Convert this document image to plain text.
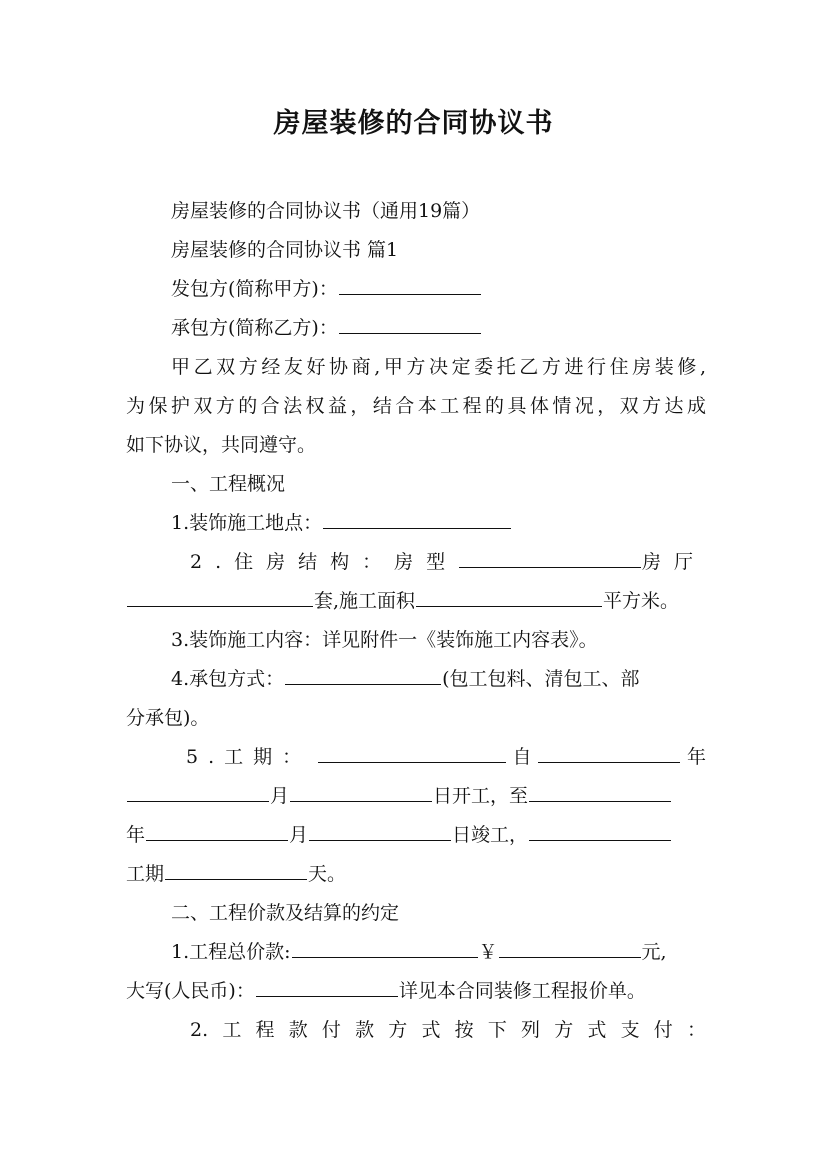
房屋装修的合同协议书
房屋装修的合同协议书（通用19篇）
房屋装修的合同协议书 篇1
发包方(简称甲方)：
承包方(简称乙方)：
甲乙双方经友好协商,甲方决定委托乙方进行住房装修,
为保护双方的合法权益，结合本工程的具体情况，双方达成
如下协议，共同遵守。
一、工程概况
1.装饰施工地点：
2.住房结构：房型	房厅
套,施工面积	平方米。
3.装饰施工内容：详见附件一《装饰施工内容表》。
4.承包方式：	(包工包料、清包工、部
分承包)。
5.工期：	自	年
月	日开工，至
年	月	日竣工，
工期	天。
二、工程价款及结算的约定
1.工程总价款:	￥	元,
大写(人民币)：	详见本合同装修工程报价单。
2.工程款付款方式按下列方式支付：
